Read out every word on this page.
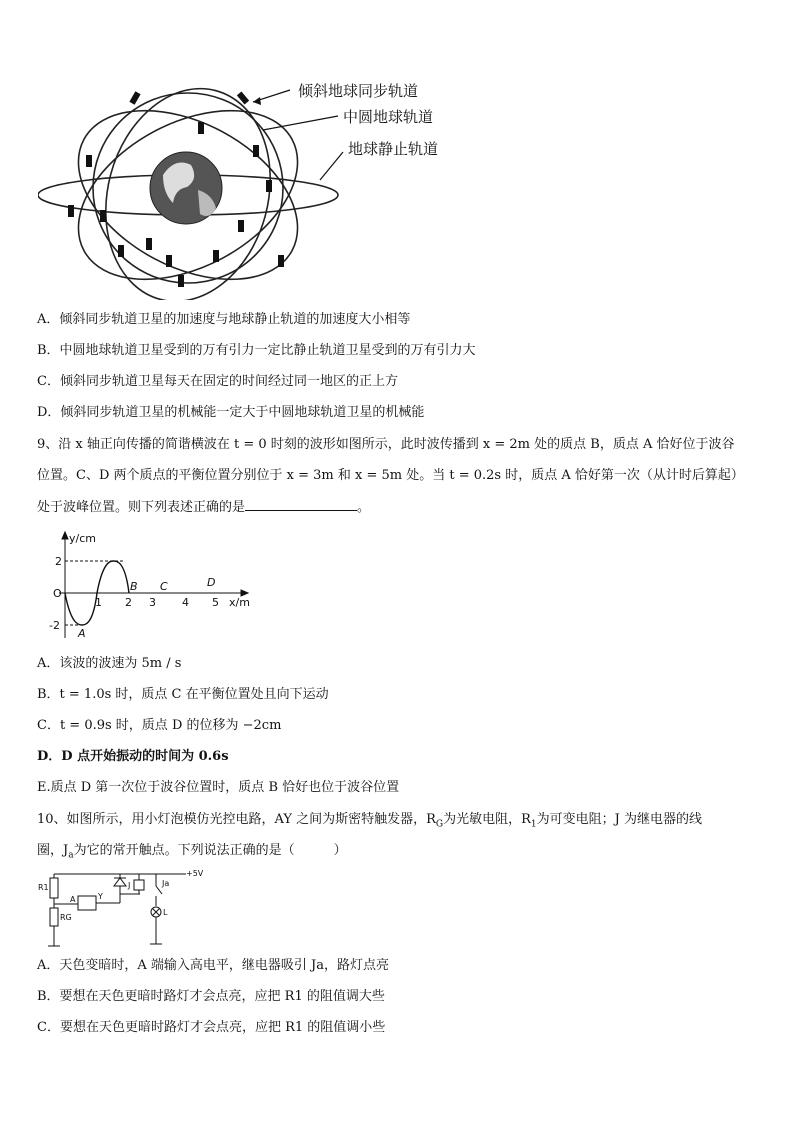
倾斜地球同步轨道
中圆地球轨道
地球静止轨道
A．倾斜同步轨道卫星的加速度与地球静止轨道的加速度大小相等
B．中圆地球轨道卫星受到的万有引力一定比静止轨道卫星受到的万有引力大
C．倾斜同步轨道卫星每天在固定的时间经过同一地区的正上方
D．倾斜同步轨道卫星的机械能一定大于中圆地球轨道卫星的机械能
9、沿 x 轴正向传播的简谐横波在 t = 0 时刻的波形如图所示，此时波传播到 x = 2m 处的质点 B，质点 A 恰好位于波谷
位置。C、D 两个质点的平衡位置分别位于 x = 3m 和 x = 5m 处。当 t = 0.2s 时，质点 A 恰好第一次（从计时后算起）
处于波峰位置。则下列表述正确的是	。
y/cm
x/m
O
2
-2
1 2 3 4 5
A
B C	D
A．该波的波速为 5m / s
B．t = 1.0s 时，质点 C 在平衡位置处且向下运动
C．t = 0.9s 时，质点 D 的位移为 −2cm
D．D 点开始振动的时间为 0.6s
E.质点 D 第一次位于波谷位置时，质点 B 恰好也位于波谷位置
10、如图所示，用小灯泡模仿光控电路，AY 之间为斯密特触发器，$R_G$为光敏电阻，$R_1$为可变电阻；J 为继电器的线
圈，$J_a$为它的常开触点。下列说法正确的是（　　　）
+5V
R1
RG
A	Y
J	Ja
L
A．天色变暗时，A 端输入高电平，继电器吸引 Ja，路灯点亮
B．要想在天色更暗时路灯才会点亮，应把 R1 的阻值调大些
C．要想在天色更暗时路灯才会点亮，应把 R1 的阻值调小些
